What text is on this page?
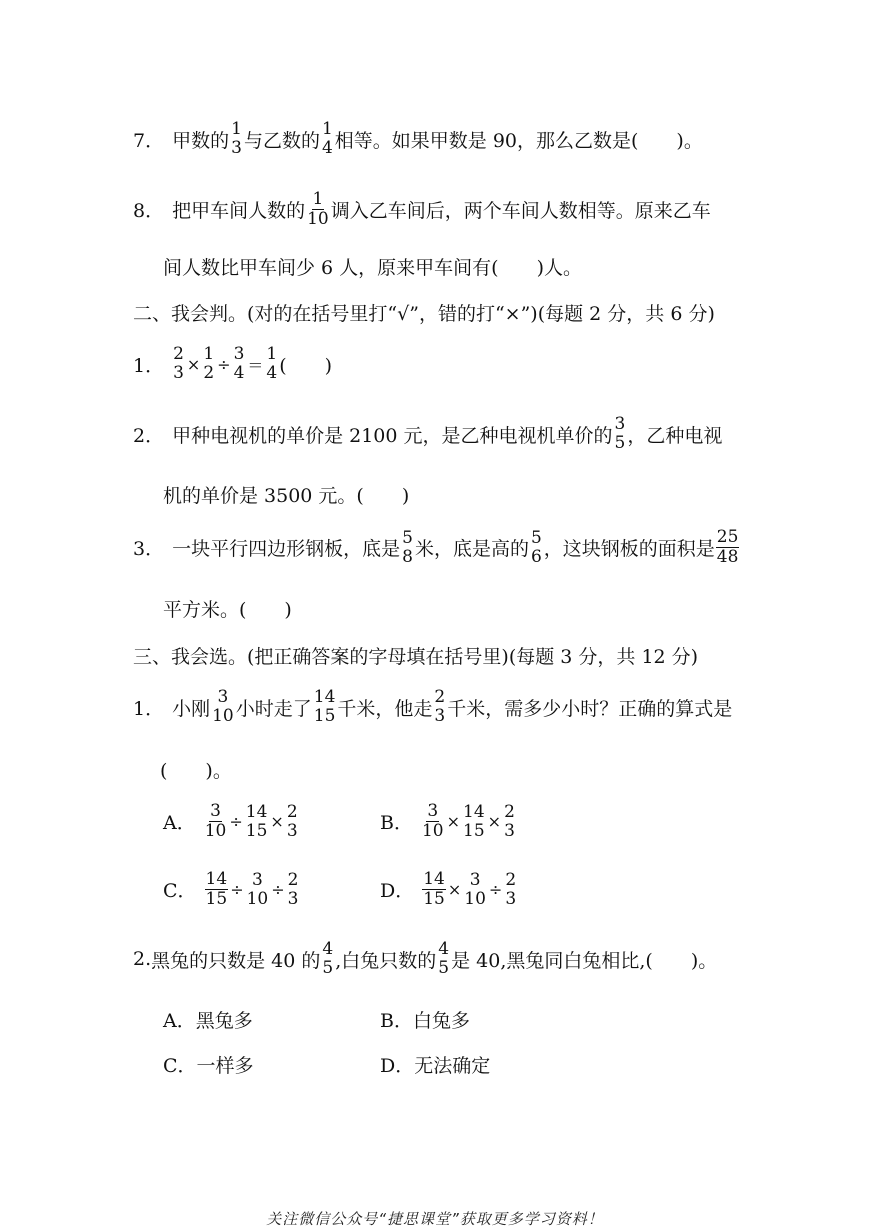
7． 甲数的
1
3 与乙数的
1
4 相等。如果甲数是 90，那么乙数是(　　)。
8． 把甲车间人数的
1
10 调入乙车间后，两个车间人数相等。原来乙车
间人数比甲车间少 6 人，原来甲车间有(　　)人。
二、我会判。(对的在括号里打“√”，错的打“×”)(每题 2 分，共 6 分)
1．
2
3 × 1
2 ÷ 3
4 ＝
1
4 (　　)
2． 甲种电视机的单价是 2100 元，是乙种电视机单价的
3
5 ，乙种电视
机的单价是 3500 元。(　　)
3． 一块平行四边形钢板，底是
5
8 米，底是高的
5
6 ，这块钢板的面积是
25
48
平方米。(　　)
三、我会选。(把正确答案的字母填在括号里)(每题 3 分，共 12 分)
1． 小刚
3
10 小时走了
14
15 千米，他走
2
3 千米，需多少小时？正确的算式是
(　　)。
A． $\frac{3}{10} \div 14$
15 × 2
3	B． $\frac{3}{10} \times 14$
15 × 2
3
C． $\frac{14}{15} \div 3$
10 ÷ 2
3	D． $\frac{14}{15} \times 3$
10 ÷ 2
3
2. 黑兔的只数是 40 的
4
5 ,白兔只数的
4
5 是 40,黑兔同白兔相比,(　　)。
A．黑兔多	B．白兔多
C．一样多	D．无法确定
关注微信公众号“捷思课堂”获取更多学习资料！
